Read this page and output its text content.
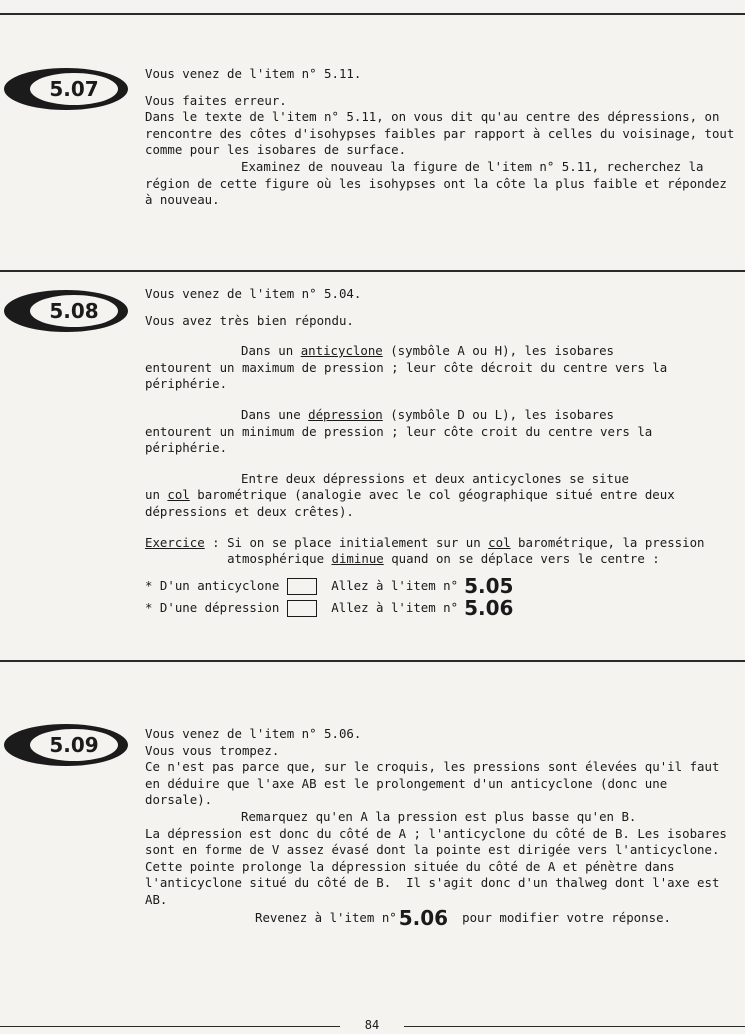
5.07

Vous venez de l'item n° 5.11.

Vous faites erreur.

Dans le texte de l'item n° 5.11, on vous dit qu'au centre des dépressions, on rencontre des côtes d'isohypses faibles par rapport à celles du voisinage, tout comme pour les isobares de surface.

Examinez de nouveau la figure de l'item n° 5.11, recherchez la région de cette figure où les isohypses ont la côte la plus faible et répondez à nouveau.

5.08

Vous venez de l'item n° 5.04.

Vous avez très bien répondu.

Dans un anticyclone (symbôle A ou H), les isobares

entourent un maximum de pression ; leur côte décroit du centre vers la périphérie.

Dans une dépression (symbôle D ou L), les isobares

entourent un minimum de pression ; leur côte croit du centre vers la périphérie.

Entre deux dépressions et deux anticyclones se situe

un col barométrique (analogie avec le col géographique situé entre deux dépressions et deux crêtes).

Exercice : Si on se place initialement sur un col barométrique, la pression atmosphérique diminue quand on se déplace vers le centre :
* D'un anticyclone	Allez à l'item n° 5.05
* D'une dépression	Allez à l'item n° 5.06
5.09	Vous venez de l'item n° 5.06.

Vous vous trompez.

Ce n'est pas parce que, sur le croquis, les pressions sont élevées qu'il faut en déduire que l'axe AB est le prolongement d'un anticyclone (donc une dorsale).

Remarquez qu'en A la pression est plus basse qu'en B.

La dépression est donc du côté de A ; l'anticyclone du côté de B. Les isobares sont en forme de V assez évasé dont la pointe est dirigée vers l'anticyclone.  Cette pointe prolonge la dépression située du côté de A et pénètre dans l'anticyclone situé du côté de B.  Il s'agit donc d'un thalweg dont l'axe est AB.

Revenez à l'item n° 5.06 pour modifier votre réponse.

84
